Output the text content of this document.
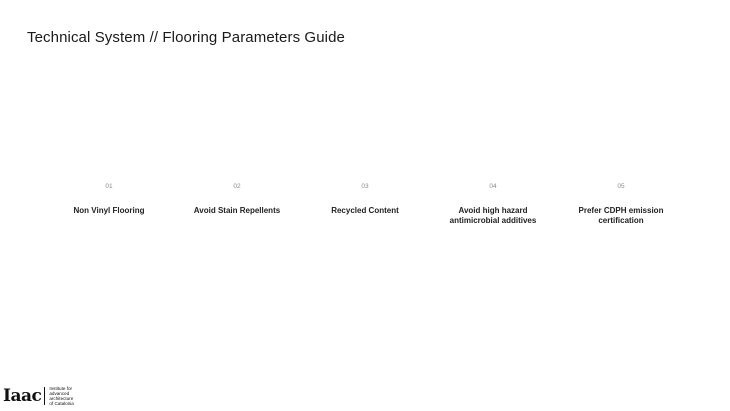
Technical System // Flooring Parameters Guide
01
Non Vinyl Flooring
02
Avoid Stain Repellents
03
Recycled Content
04
Avoid high hazard antimicrobial additives
05
Prefer CDPH emission certification
Iaac Institute for
advanced
architecture
of Catalonia
